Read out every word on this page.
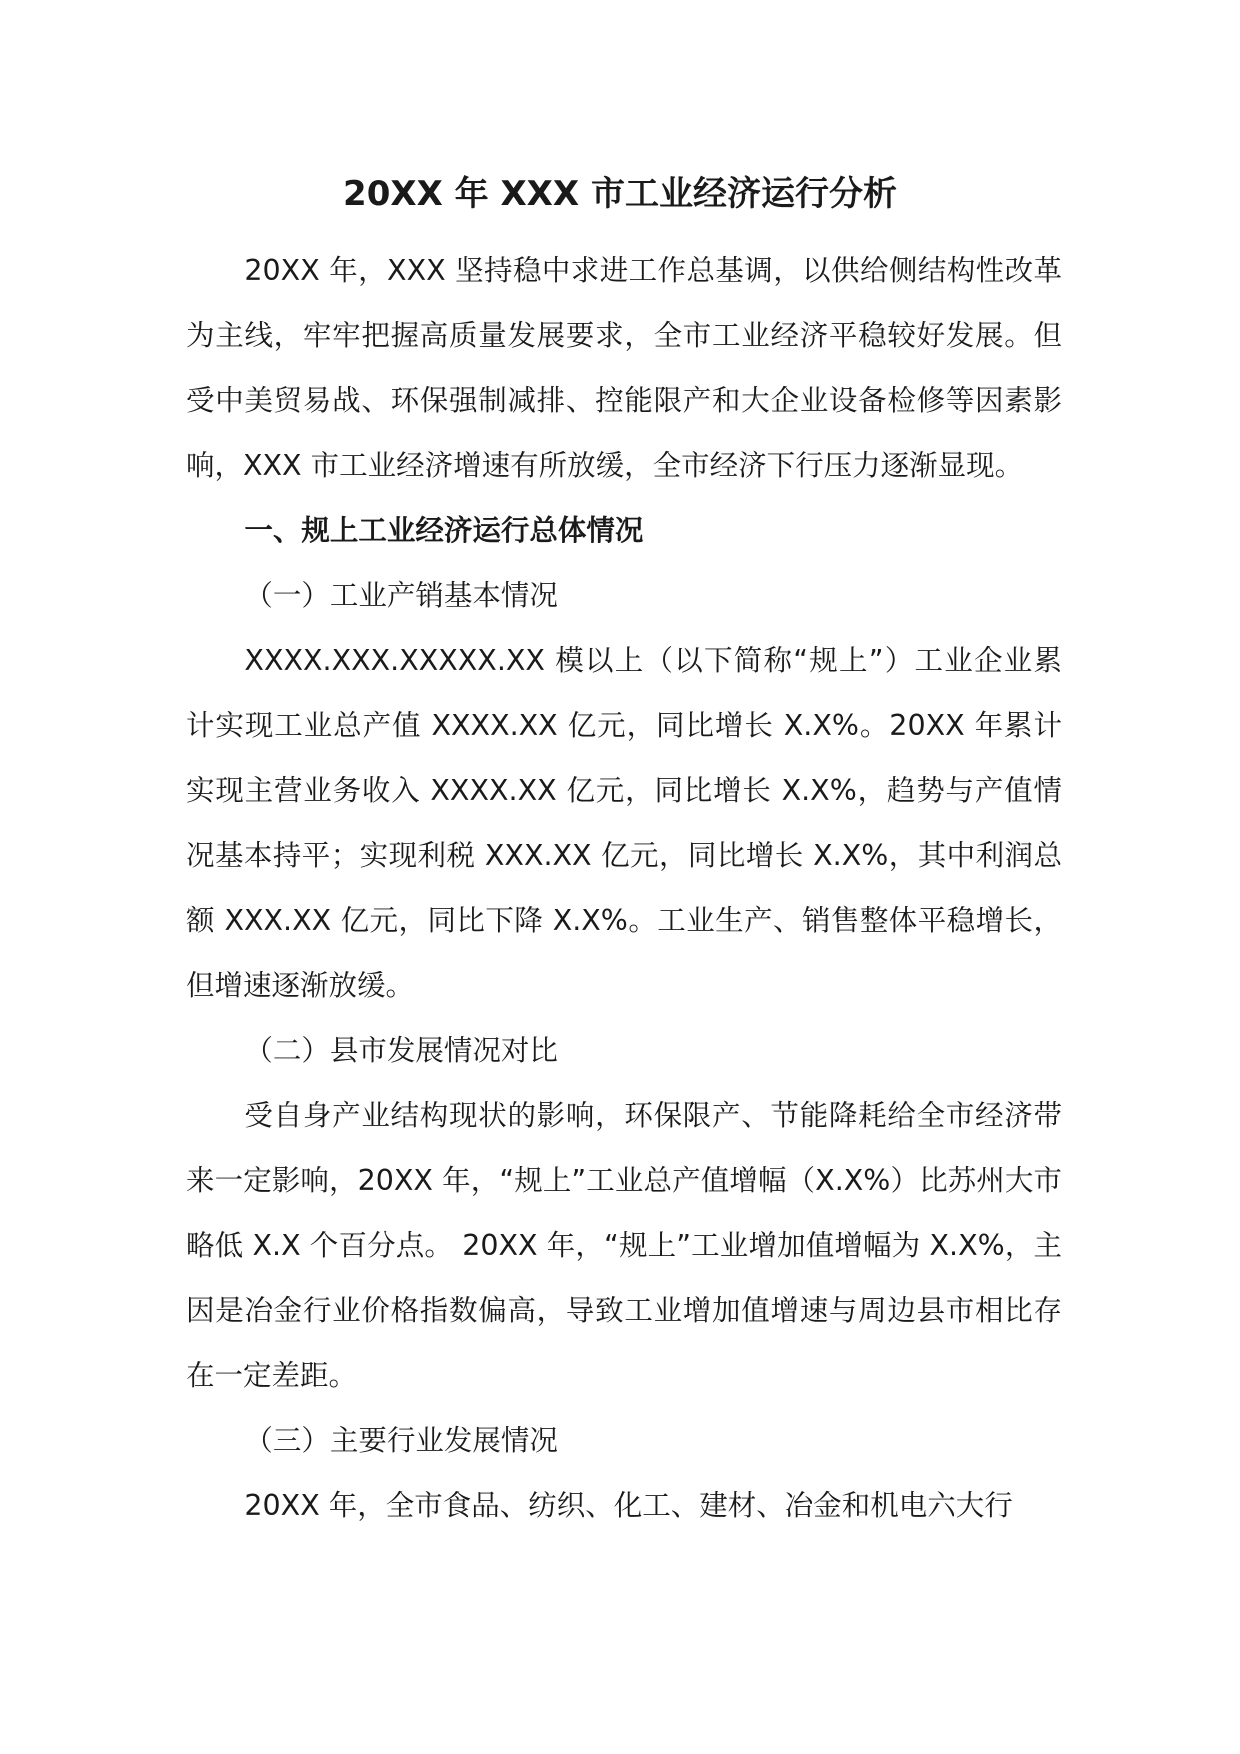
20XX 年 XXX 市工业经济运行分析

20XX 年，XXX 坚持稳中求进工作总基调，以供给侧结构性改革为主线，牢牢把握高质量发展要求，全市工业经济平稳较好发展。但受中美贸易战、环保强制减排、控能限产和大企业设备检修等因素影响，XXX 市工业经济增速有所放缓，全市经济下行压力逐渐显现。

一、规上工业经济运行总体情况

（一）工业产销基本情况

XXXX.XXX.XXXXX.XX 模以上（以下简称“规上”）工业企业累计实现工业总产值 XXXX.XX 亿元，同比增长 X.X%。20XX 年累计实现主营业务收入 XXXX.XX 亿元，同比增长 X.X%，趋势与产值情况基本持平；实现利税 XXX.XX 亿元，同比增长 X.X%，其中利润总额 XXX.XX 亿元，同比下降 X.X%。工业生产、销售整体平稳增长，但增速逐渐放缓。

（二）县市发展情况对比

受自身产业结构现状的影响，环保限产、节能降耗给全市经济带来一定影响，20XX 年，“规上”工业总产值增幅（X.X%）比苏州大市略低 X.X 个百分点。 20XX 年，“规上”工业增加值增幅为 X.X%，主因是冶金行业价格指数偏高，导致工业增加值增速与周边县市相比存在一定差距。

（三）主要行业发展情况

20XX 年，全市食品、纺织、化工、建材、冶金和机电六大行
